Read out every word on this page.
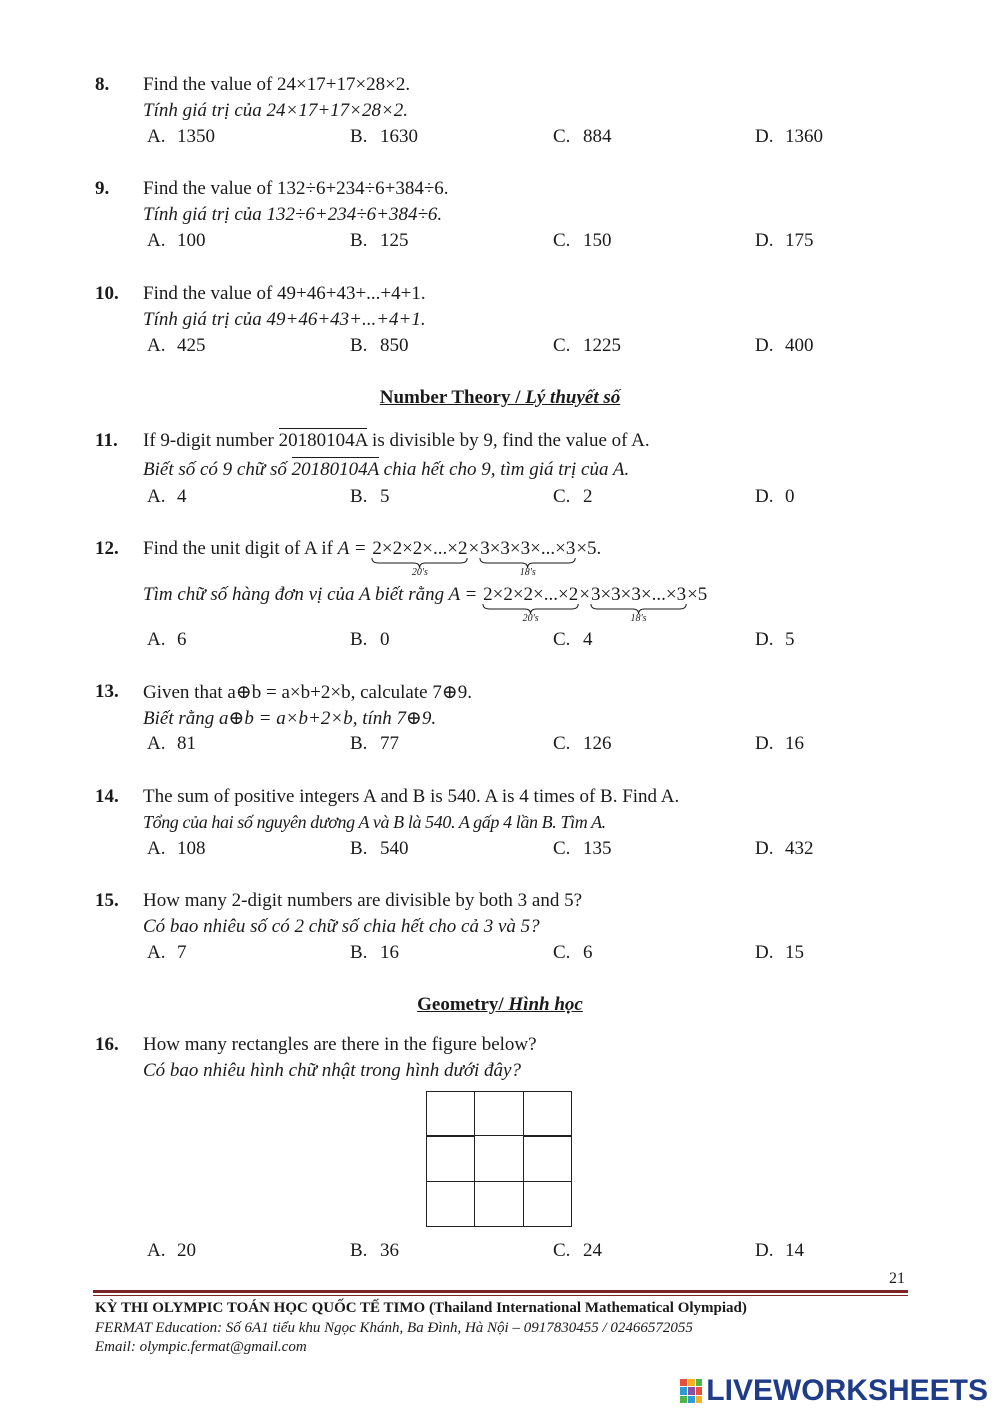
8. Find the value of 24×17+17×28×2.
Tính giá trị của 24×17+17×28×2.
A. 1350	B. 1630	C. 884	D. 1360
9. Find the value of 132÷6+234÷6+384÷6.
Tính giá trị của 132÷6+234÷6+384÷6.
A. 100	B. 125	C. 150	D. 175
10. Find the value of 49+46+43+...+4+1.
Tính giá trị của 49+46+43+...+4+1.
A. 425	B. 850	C. 1225	D. 400
Number Theory / Lý thuyết số
11. If 9-digit number 20180104A is divisible by 9, find the value of A.
Biết số có 9 chữ số 20180104A chia hết cho 9, tìm giá trị của A.
A. 4	B. 5	C. 2	D. 0
12. Find the unit digit of A if A = 2×2×2×...×2
20's
×3×3×3×...×3
18's
×5.
Tìm chữ số hàng đơn vị của A biết rằng A = 2×2×2×...×2
20's
×3×3×3×...×3
18's
×5
A. 6	B. 0	C. 4	D. 5
13. Given that a⊕b = a×b+2×b, calculate 7⊕9.
Biết rằng a⊕b = a×b+2×b, tính 7⊕9.
A. 81	B. 77	C. 126	D. 16
14. The sum of positive integers A and B is 540. A is 4 times of B. Find A.
Tổng của hai số nguyên dương A và B là 540. A gấp 4 lần B. Tìm A.
A. 108	B. 540	C. 135	D. 432
15. How many 2-digit numbers are divisible by both 3 and 5?
Có bao nhiêu số có 2 chữ số chia hết cho cả 3 và 5?
A. 7	B. 16	C. 6	D. 15
Geometry/ Hình học
16. How many rectangles are there in the figure below?
Có bao nhiêu hình chữ nhật trong hình dưới đây?
A. 20	B. 36	C. 24	D. 14
21
KỲ THI OLYMPIC TOÁN HỌC QUỐC TẾ TIMO (Thailand International Mathematical Olympiad)
FERMAT Education: Số 6A1 tiểu khu Ngọc Khánh, Ba Đình, Hà Nội – 0917830455 / 02466572055
Email: olympic.fermat@gmail.com
LIVEWORKSHEETS
